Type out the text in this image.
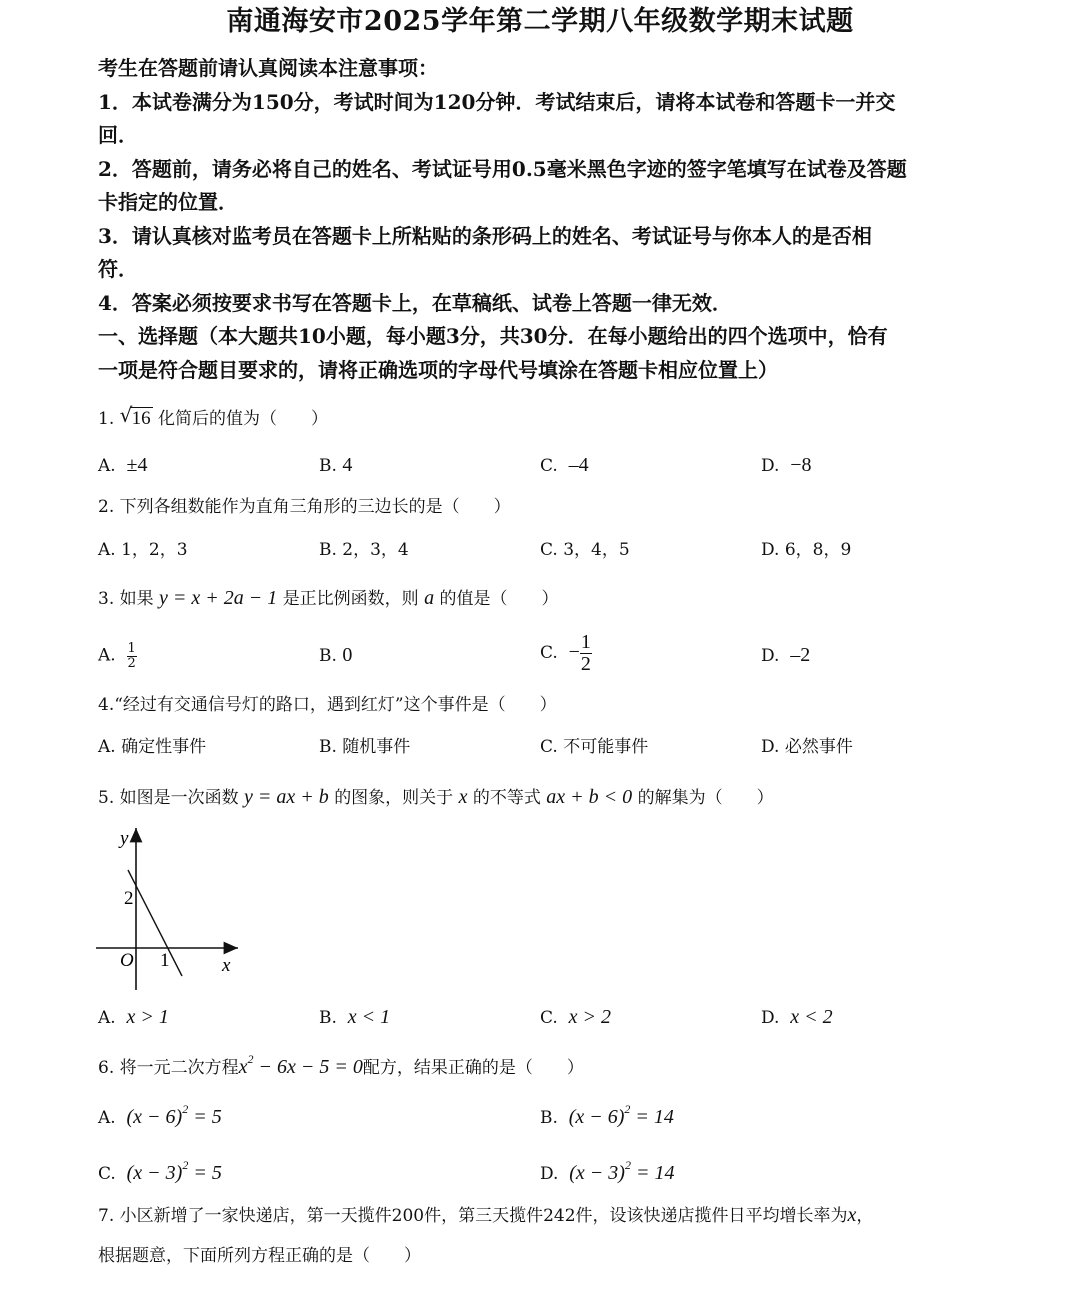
南通海安市2025学年第二学期八年级数学期末试题
考生在答题前请认真阅读本注意事项：
1．本试卷满分为150分，考试时间为120分钟．考试结束后，请将本试卷和答题卡一并交
回．
2．答题前，请务必将自己的姓名、考试证号用0.5毫米黑色字迹的签字笔填写在试卷及答题
卡指定的位置．
3．请认真核对监考员在答题卡上所粘贴的条形码上的姓名、考试证号与你本人的是否相
符．
4．答案必须按要求书写在答题卡上，在草稿纸、试卷上答题一律无效．
一、选择题（本大题共10小题，每小题3分，共30分．在每小题给出的四个选项中，恰有
一项是符合题目要求的，请将正确选项的字母代号填涂在答题卡相应位置上）
1. √ 16 化简后的值为（　　）
A. ±4	B. 4	C. –4	D. −8
2. 下列各组数能作为直角三角形的三边长的是（　　）
A. 1，2，3	B. 2，3，4	C. 3，4，5	D. 6，8，9
3. 如果 y = x + 2a − 1 是正比例函数，则 a 的值是（　　）
A. $\frac{1}{2}$	B. 0	C. − $\frac{1}{2}$	D. –2
4.“经过有交通信号灯的路口，遇到红灯”这个事件是（　　）
A. 确定性事件	B. 随机事件	C. 不可能事件	D. 必然事件
5. 如图是一次函数 y = ax + b 的图象，则关于 x 的不等式 ax + b < 0 的解集为（　　）
y
x
O
2
1
A. x > 1	B. x < 1	C. x > 2	D. x < 2
6. 将一元二次方程$x^2 - 6x - 5 = 0$配方，结果正确的是（　　）
A. $(x - 6)^2 = 5$	B. $(x - 6)^2 = 14$
C. $(x - 3)^2 = 5$	D. $(x - 3)^2 = 14$
7. 小区新增了一家快递店，第一天揽件200件，第三天揽件242件，设该快递店揽件日平均增长率为x，
根据题意，下面所列方程正确的是（　　）
